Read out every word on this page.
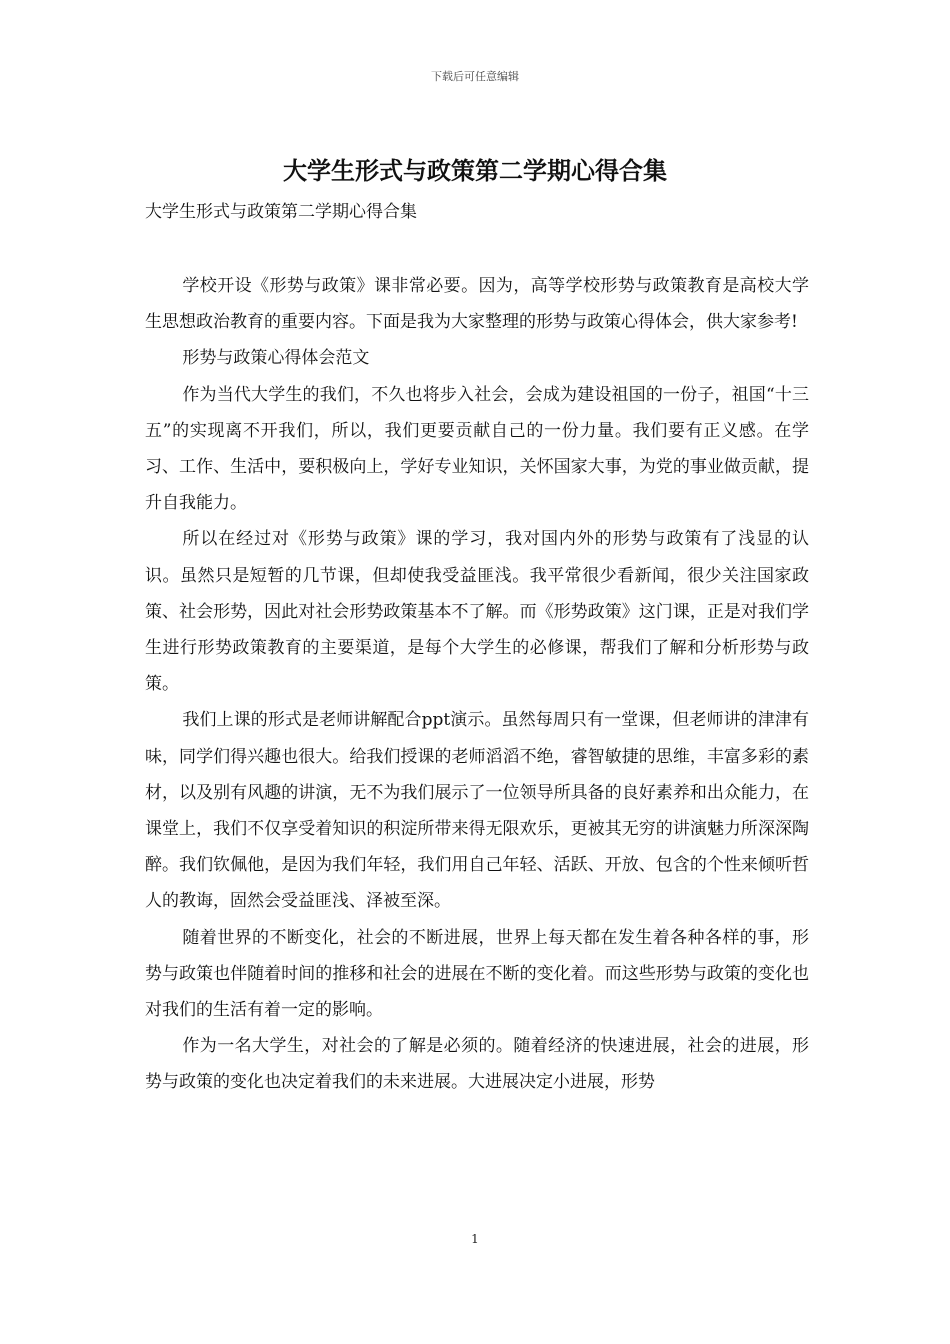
下载后可任意编辑
大学生形式与政策第二学期心得合集

大学生形式与政策第二学期心得合集

学校开设《形势与政策》课非常必要。因为，高等学校形势与政策教育是高校大学生思想政治教育的重要内容。下面是我为大家整理的形势与政策心得体会，供大家参考!

形势与政策心得体会范文

作为当代大学生的我们，不久也将步入社会，会成为建设祖国的一份子，祖国“十三五”的实现离不开我们，所以，我们更要贡献自己的一份力量。我们要有正义感。在学习、工作、生活中，要积极向上，学好专业知识，关怀国家大事，为党的事业做贡献，提升自我能力。

所以在经过对《形势与政策》课的学习，我对国内外的形势与政策有了浅显的认识。虽然只是短暂的几节课，但却使我受益匪浅。我平常很少看新闻，很少关注国家政策、社会形势，因此对社会形势政策基本不了解。而《形势政策》这门课，正是对我们学生进行形势政策教育的主要渠道，是每个大学生的必修课，帮我们了解和分析形势与政策。

我们上课的形式是老师讲解配合ppt演示。虽然每周只有一堂课，但老师讲的津津有味，同学们得兴趣也很大。给我们授课的老师滔滔不绝，睿智敏捷的思维，丰富多彩的素材，以及别有风趣的讲演，无不为我们展示了一位领导所具备的良好素养和出众能力，在课堂上，我们不仅享受着知识的积淀所带来得无限欢乐，更被其无穷的讲演魅力所深深陶醉。我们钦佩他，是因为我们年轻，我们用自己年轻、活跃、开放、包含的个性来倾听哲人的教诲，固然会受益匪浅、泽被至深。

随着世界的不断变化，社会的不断进展，世界上每天都在发生着各种各样的事，形势与政策也伴随着时间的推移和社会的进展在不断的变化着。而这些形势与政策的变化也对我们的生活有着一定的影响。

作为一名大学生，对社会的了解是必须的。随着经济的快速进展，社会的进展，形势与政策的变化也决定着我们的未来进展。大进展决定小进展，形势

1
